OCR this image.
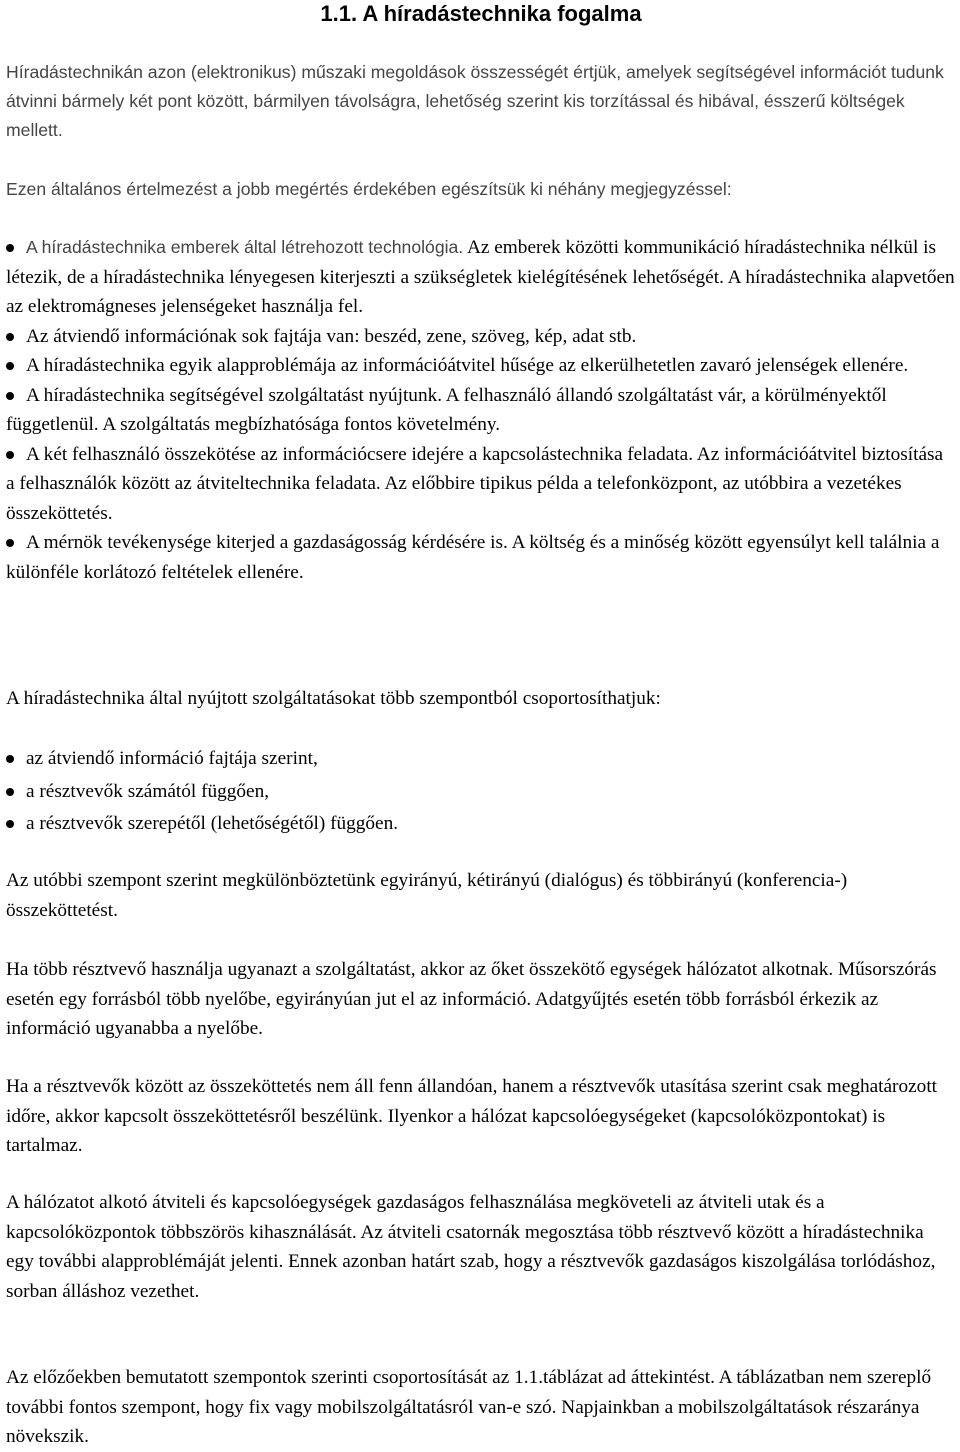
1.1. A híradástechnika fogalma

Híradástechnikán azon (elektronikus) műszaki megoldások összességét értjük, amelyek segítségével információt tudunk átvinni bármely két pont között, bármilyen távolságra, lehetőség szerint kis torzítással és hibával, ésszerű költségek mellett.

Ezen általános értelmezést a jobb megértés érdekében egészítsük ki néhány megjegyzéssel:

A híradástechnika emberek által létrehozott technológia. Az emberek közötti kommunikáció híradástechnika nélkül is létezik, de a híradástechnika lényegesen kiterjeszti a szükségletek kielégítésének lehetőségét. A híradástechnika alapvetően az elektromágneses jelenségeket használja fel.
Az átviendő információnak sok fajtája van: beszéd, zene, szöveg, kép, adat stb.
A híradástechnika egyik alapproblémája az információátvitel hűsége az elkerülhetetlen zavaró jelenségek ellenére.
A híradástechnika segítségével szolgáltatást nyújtunk. A felhasználó állandó szolgáltatást vár, a körülményektől függetlenül. A szolgáltatás megbízhatósága fontos követelmény.
A két felhasználó összekötése az információcsere idejére a kapcsolástechnika feladata. Az információátvitel biztosítása a felhasználók között az átviteltechnika feladata. Az előbbire tipikus példa a telefonközpont, az utóbbira a vezetékes összeköttetés.
A mérnök tevékenysége kiterjed a gazdaságosság kérdésére is. A költség és a minőség között egyensúlyt kell találnia a különféle korlátozó feltételek ellenére.

A híradástechnika által nyújtott szolgáltatásokat több szempontból csoportosíthatjuk:

az átviendő információ fajtája szerint,
a résztvevők számától függően,
a résztvevők szerepétől (lehetőségétől) függően.

Az utóbbi szempont szerint megkülönböztetünk egyirányú, kétirányú (dialógus) és többirányú (konferencia-) összeköttetést.

Ha több résztvevő használja ugyanazt a szolgáltatást, akkor az őket összekötő egységek hálózatot alkotnak. Műsorszórás esetén egy forrásból több nyelőbe, egyirányúan jut el az információ. Adatgyűjtés esetén több forrásból érkezik az információ ugyanabba a nyelőbe.

Ha a résztvevők között az összeköttetés nem áll fenn állandóan, hanem a résztvevők utasítása szerint csak meghatározott időre, akkor kapcsolt összeköttetésről beszélünk. Ilyenkor a hálózat kapcsolóegységeket (kapcsolóközpontokat) is tartalmaz.

A hálózatot alkotó átviteli és kapcsolóegységek gazdaságos felhasználása megköveteli az átviteli utak és a kapcsolóközpontok többszörös kihasználását. Az átviteli csatornák megosztása több résztvevő között a híradástechnika egy további alapproblémáját jelenti. Ennek azonban határt szab, hogy a résztvevők gazdaságos kiszolgálása torlódáshoz, sorban álláshoz vezethet.

Az előzőekben bemutatott szempontok szerinti csoportosítását az 1.1.táblázat ad áttekintést. A táblázatban nem szereplő további fontos szempont, hogy fix vagy mobilszolgáltatásról van-e szó. Napjainkban a mobilszolgáltatások részaránya növekszik.
